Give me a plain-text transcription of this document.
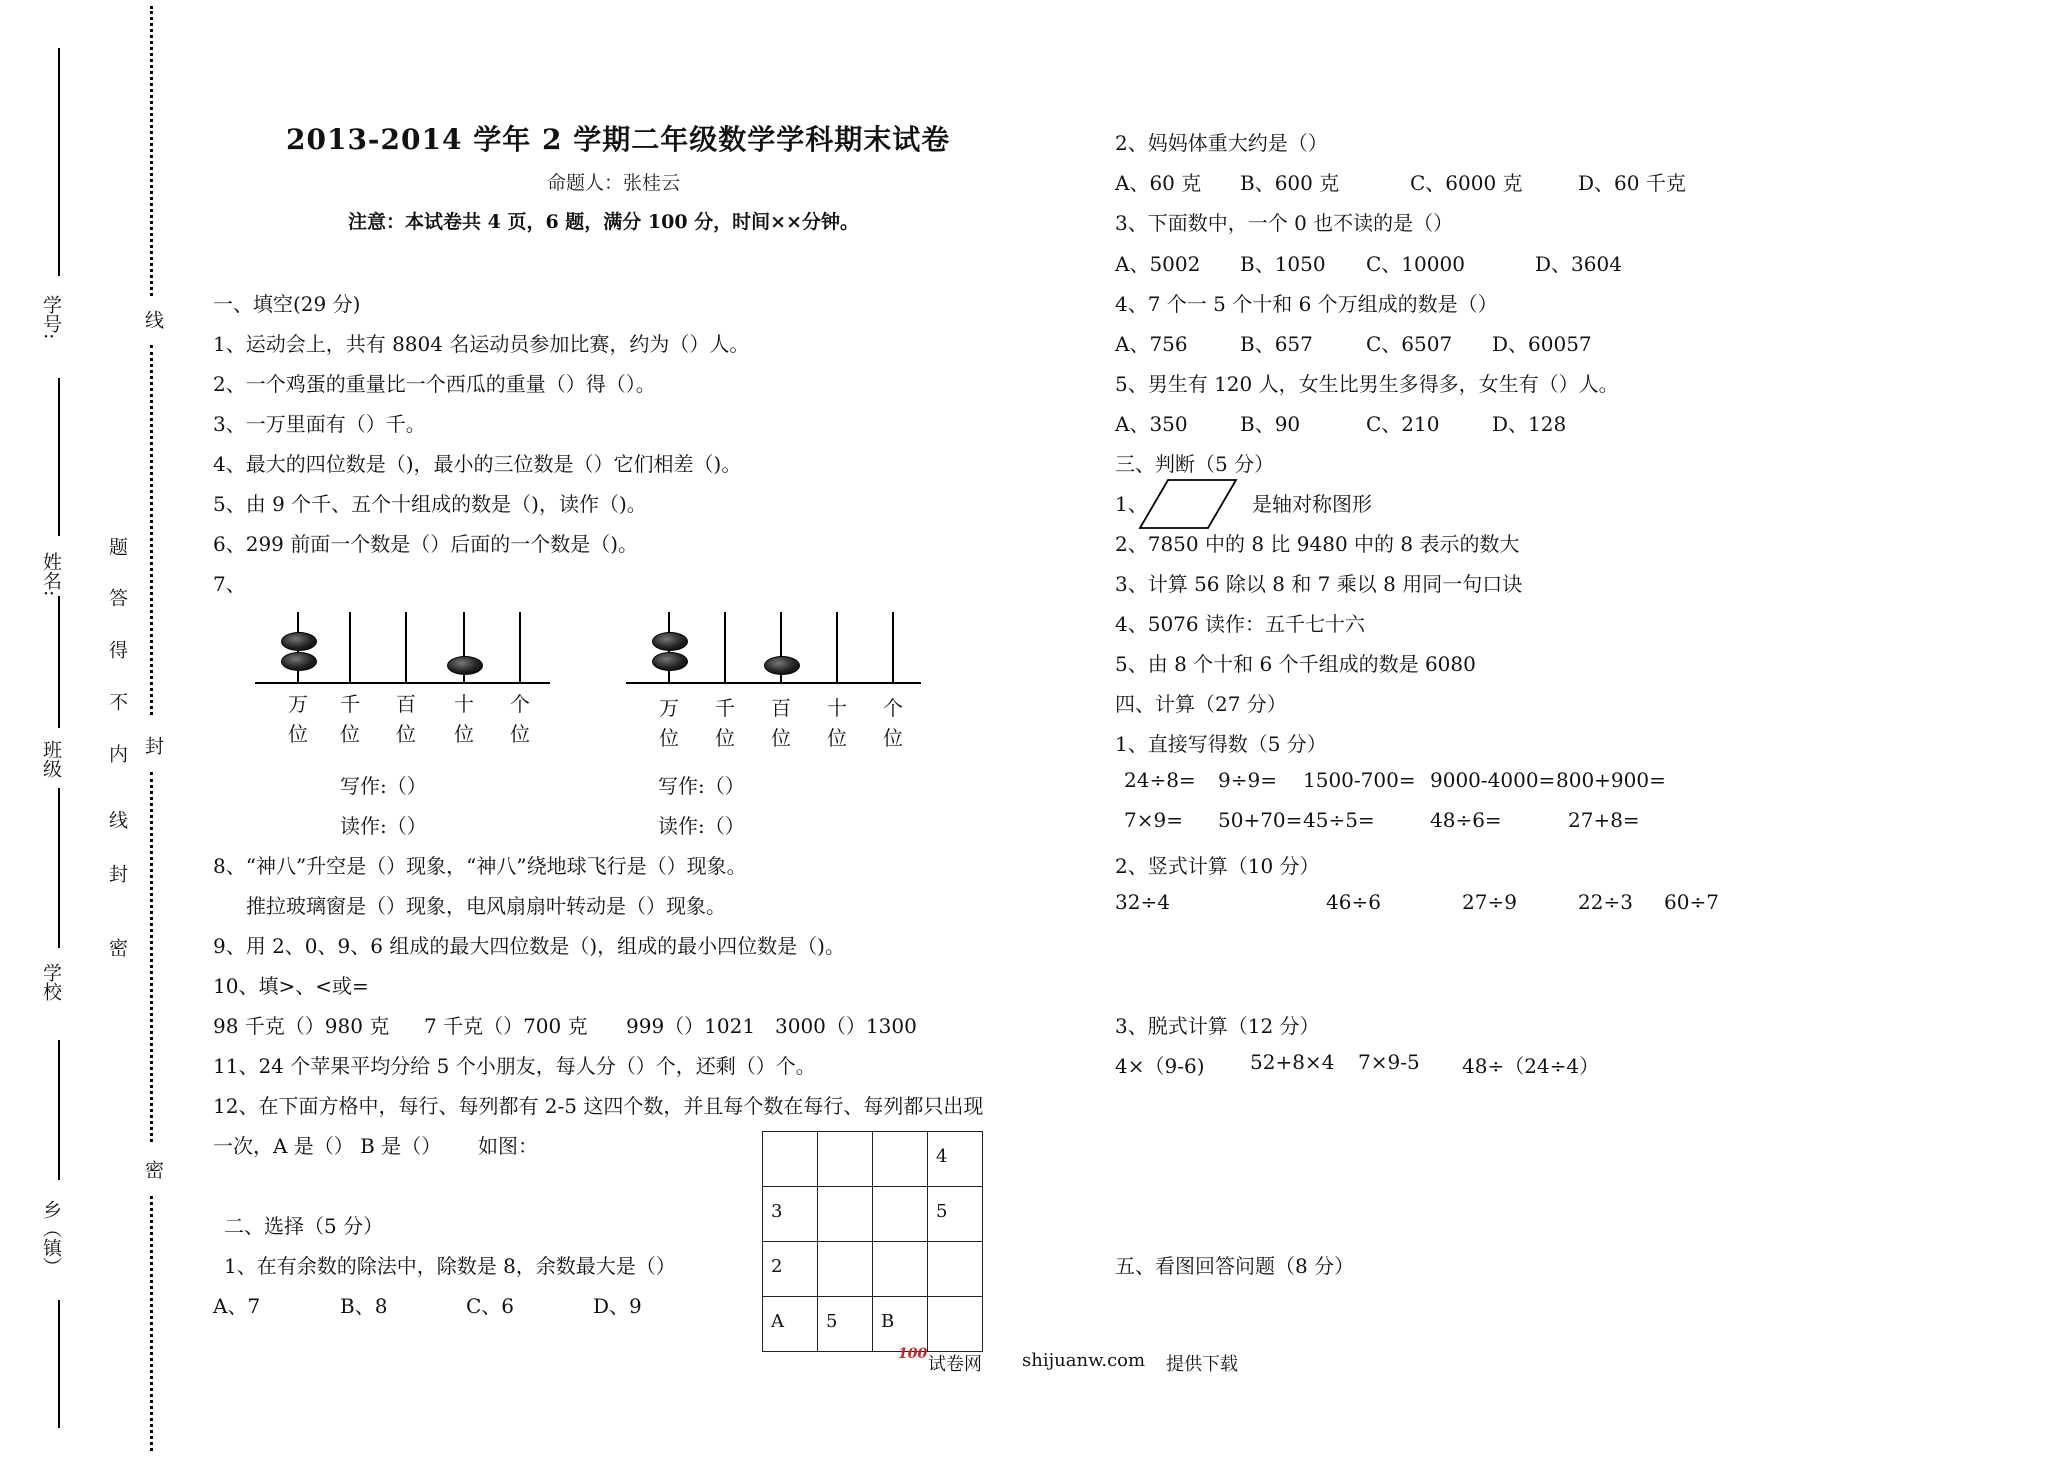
学号:
姓名:
班级
学校
乡（镇）
题
答
得
不
内
线
封
密
线
封
密
2013-2014 学年 2 学期二年级数学学科期末试卷
命题人：张桂云
注意：本试卷共 4 页，6 题，满分 100 分，时间××分钟。
一、填空(29 分)
1、运动会上，共有 8804 名运动员参加比赛，约为（）人。
2、一个鸡蛋的重量比一个西瓜的重量（）得（）。
3、一万里面有（）千。
4、最大的四位数是（)，最小的三位数是（）它们相差（)。
5、由 9 个千、五个十组成的数是（)，读作（)。
6、299 前面一个数是（）后面的一个数是（)。
7、
万 千 百 十 个
位 位 位 位 位
写作:（）
读作:（）
万 千 百 十 个
位 位 位 位 位
写作:（）
读作:（）
8、“神八”升空是（）现象，“神八”绕地球飞行是（）现象。
推拉玻璃窗是（）现象，电风扇扇叶转动是（）现象。
9、用 2、0、9、6 组成的最大四位数是（)，组成的最小四位数是（)。
10、填>、<或=
98 千克（）980 克 7 千克（）700 克 999（）1021 3000（）1300
11、24 个苹果平均分给 5 个小朋友，每人分（）个，还剩（）个。
12、在下面方格中，每行、每列都有 2-5 这四个数，并且每个数在每行、每列都只出现
一次，A 是（） B 是（） 如图：
				4
3			5
2			
A	5	B	
二、选择（5 分）
1、在有余数的除法中，除数是 8，余数最大是（）
A、7	B、8	C、6	D、9
2、妈妈体重大约是（）
A、60 克 B、600 克	C、6000 克	D、60 千克
3、下面数中，一个 0 也不读的是（）
A、5002 B、1050 C、10000	D、3604
4、7 个一 5 个十和 6 个万组成的数是（）
A、756	B、657	C、6507 D、60057
5、男生有 120 人，女生比男生多得多，女生有（）人。
A、350	B、90	C、210	D、128
三、判断（5 分）
1、	是轴对称图形
2、7850 中的 8 比 9480 中的 8 表示的数大
3、计算 56 除以 8 和 7 乘以 8 用同一句口诀
4、5076 读作：五千七十六
5、由 8 个十和 6 个千组成的数是 6080
四、计算（27 分）
1、直接写得数（5 分）
24÷8= 9÷9= 1500-700= 9000-4000= 800+900=
7×9= 50+70= 45÷5=	48÷6=	27+8=
2、竖式计算（10 分）
32÷4	46÷6	27÷9	22÷3 60÷7
3、脱式计算（12 分）
4×（9-6) 52+8×4 7×9-5 48÷（24÷4）
五、看图回答问题（8 分）
100 试卷网 shijuanw.com 提供下载
